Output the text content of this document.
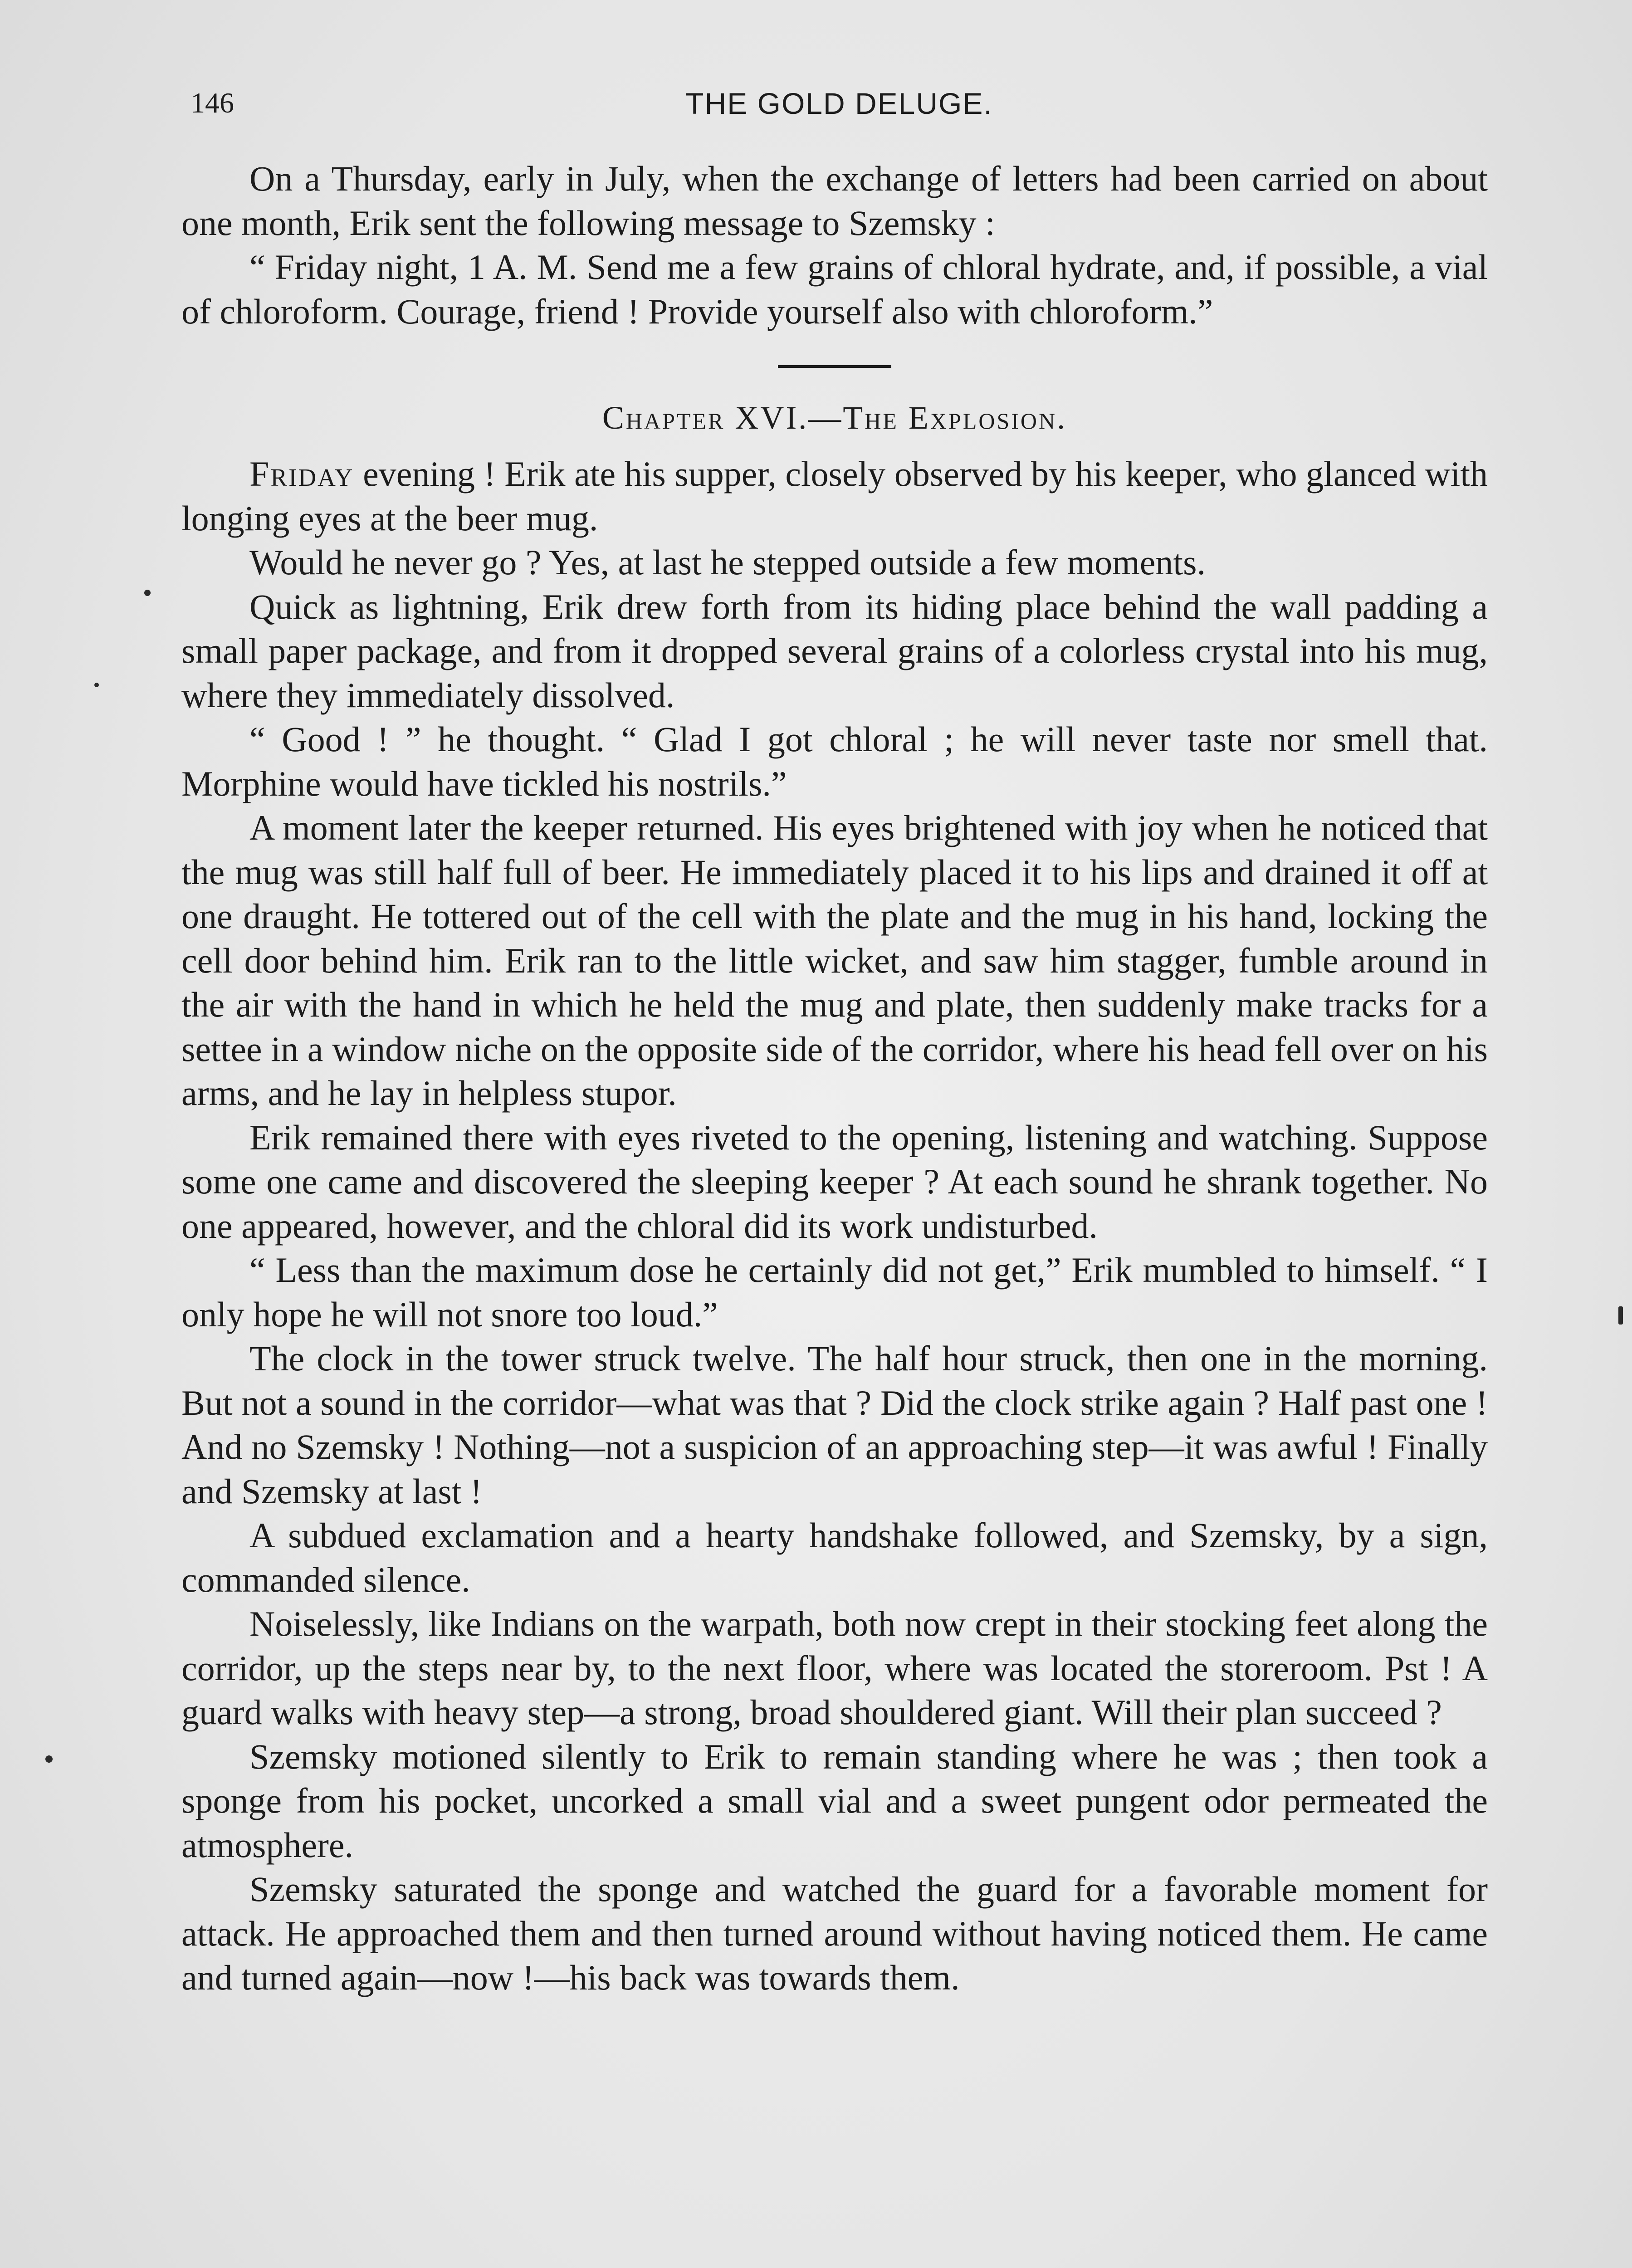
146	THE GOLD DELUGE.

On a Thursday, early in July, when the exchange of letters had been carried on about one month, Erik sent the following message to Szemsky :

“ Friday night, 1 A. M. Send me a few grains of chloral hydrate, and, if possible, a vial of chloroform. Courage, friend ! Provide yourself also with chloroform.”

Chapter XVI.—The Explosion.

Friday evening ! Erik ate his supper, closely observed by his keeper, who glanced with longing eyes at the beer mug.

Would he never go ? Yes, at last he stepped outside a few moments.

Quick as lightning, Erik drew forth from its hiding place behind the wall padding a small paper package, and from it dropped several grains of a colorless crystal into his mug, where they immediately dissolved.

“ Good ! ” he thought. “ Glad I got chloral ; he will never taste nor smell that. Morphine would have tickled his nostrils.”

A moment later the keeper returned. His eyes brightened with joy when he noticed that the mug was still half full of beer. He immediately placed it to his lips and drained it off at one draught. He tottered out of the cell with the plate and the mug in his hand, locking the cell door behind him. Erik ran to the little wicket, and saw him stagger, fumble around in the air with the hand in which he held the mug and plate, then suddenly make tracks for a settee in a window niche on the opposite side of the corridor, where his head fell over on his arms, and he lay in helpless stupor.

Erik remained there with eyes riveted to the opening, listening and watching. Suppose some one came and discovered the sleeping keeper ? At each sound he shrank together. No one appeared, however, and the chloral did its work undisturbed.

“ Less than the maximum dose he certainly did not get,” Erik mumbled to himself. “ I only hope he will not snore too loud.”

The clock in the tower struck twelve. The half hour struck, then one in the morning. But not a sound in the corridor—what was that ? Did the clock strike again ? Half past one ! And no Szemsky ! Nothing—not a suspicion of an approaching step—it was awful ! Finally and Szemsky at last !

A subdued exclamation and a hearty handshake followed, and Szemsky, by a sign, commanded silence.

Noiselessly, like Indians on the warpath, both now crept in their stocking feet along the corridor, up the steps near by, to the next floor, where was located the storeroom. Pst ! A guard walks with heavy step—a strong, broad shouldered giant. Will their plan succeed ?

Szemsky motioned silently to Erik to remain standing where he was ; then took a sponge from his pocket, uncorked a small vial and a sweet pungent odor permeated the atmosphere.

Szemsky saturated the sponge and watched the guard for a favorable moment for attack. He approached them and then turned around without having noticed them. He came and turned again—now !—his back was towards them.
